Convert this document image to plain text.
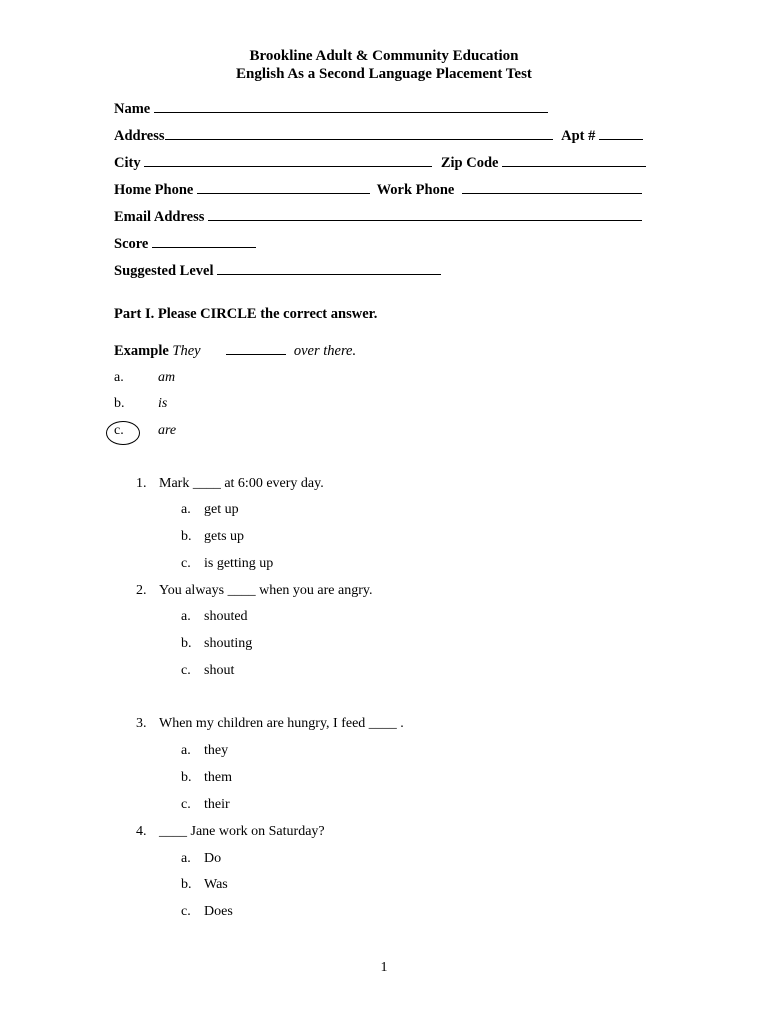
Brookline Adult & Community Education
English As a Second Language Placement Test
Name
Address	Apt #
City	Zip Code
Home Phone	Work Phone
Email Address
Score
Suggested Level
Part I. Please CIRCLE the correct answer.
Example They	over there.
a. am
b. is
c. are
1. Mark ____ at 6:00 every day.
a. get up
b. gets up
c. is getting up
2. You always ____ when you are angry.
a. shouted
b. shouting
c. shout
3. When my children are hungry, I feed ____ .
a. they
b. them
c. their
4. ____ Jane work on Saturday?
a. Do
b. Was
c. Does
1
